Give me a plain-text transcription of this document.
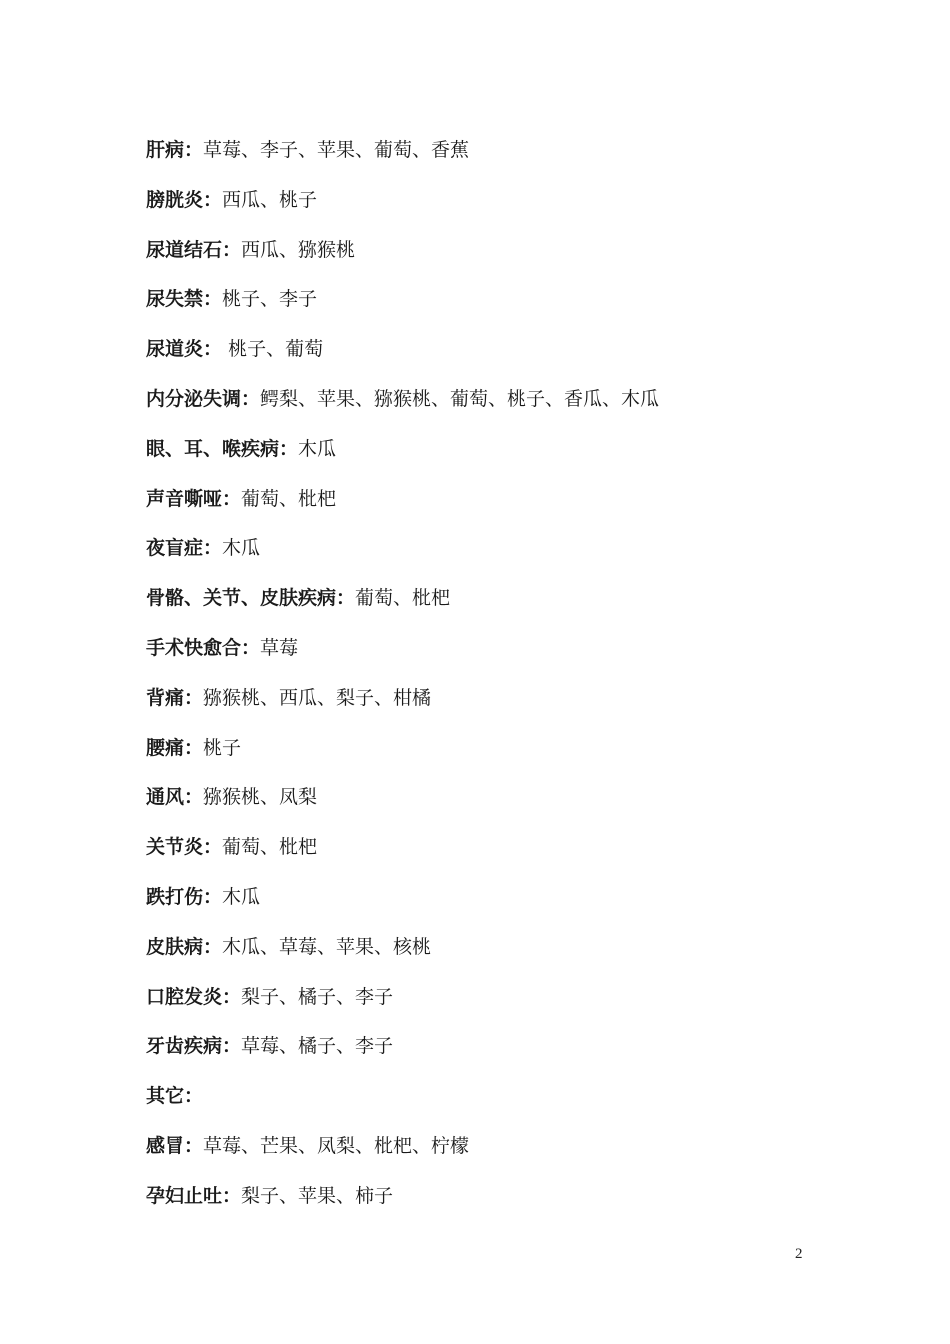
肝病：草莓、李子、苹果、葡萄、香蕉
膀胱炎：西瓜、桃子
尿道结石：西瓜、猕猴桃
尿失禁：桃子、李子
尿道炎： 桃子、葡萄
内分泌失调：鳄梨、苹果、猕猴桃、葡萄、桃子、香瓜、木瓜
眼、耳、喉疾病：木瓜
声音嘶哑：葡萄、枇杷
夜盲症：木瓜
骨骼、关节、皮肤疾病：葡萄、枇杷
手术快愈合：草莓
背痛：猕猴桃、西瓜、梨子、柑橘
腰痛：桃子
通风：猕猴桃、凤梨
关节炎：葡萄、枇杷
跌打伤：木瓜
皮肤病：木瓜、草莓、苹果、核桃
口腔发炎：梨子、橘子、李子
牙齿疾病：草莓、橘子、李子
其它：
感冒：草莓、芒果、凤梨、枇杷、柠檬
孕妇止吐：梨子、苹果、柿子
2
